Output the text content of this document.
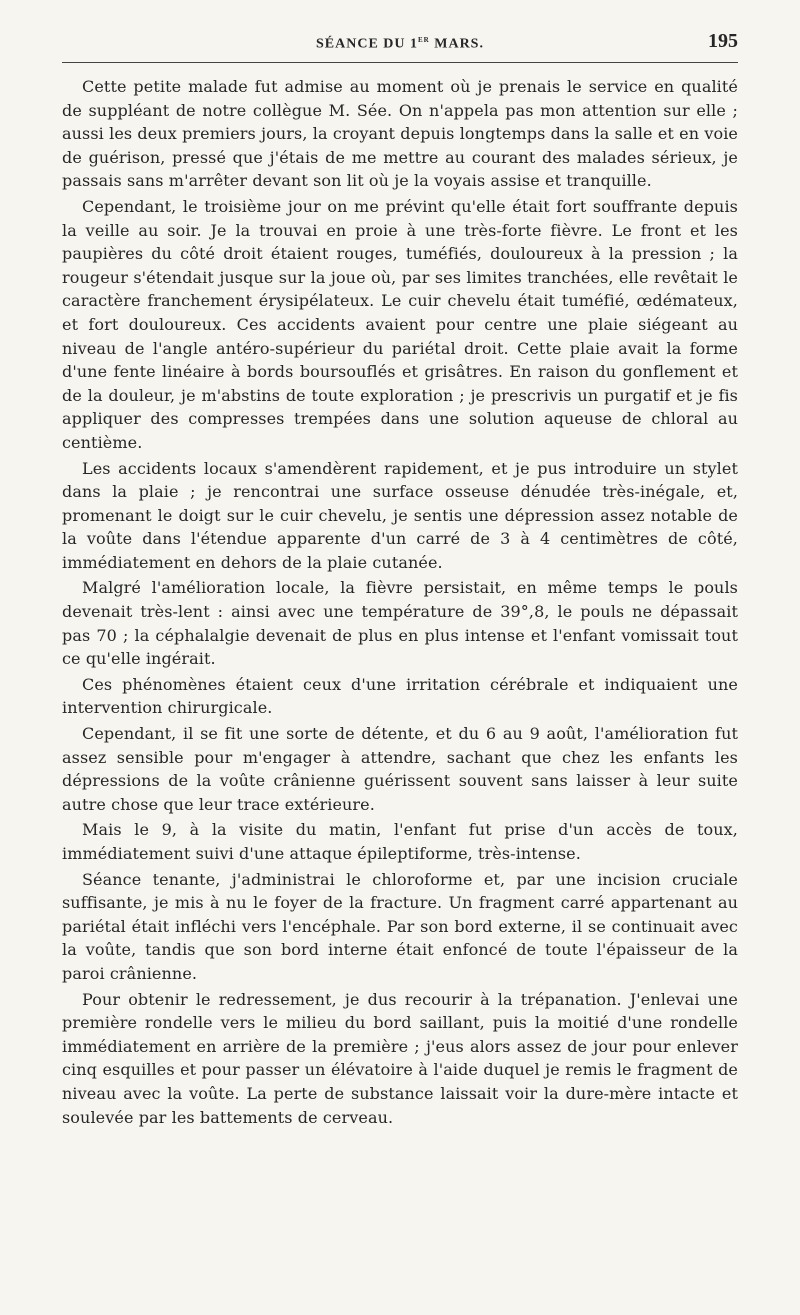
SÉANCE DU 1er MARS.	195

Cette petite malade fut admise au moment où je prenais le service en qualité de suppléant de notre collègue M. Sée. On n'appela pas mon attention sur elle ; aussi les deux premiers jours, la croyant depuis longtemps dans la salle et en voie de guérison, pressé que j'étais de me mettre au courant des malades sérieux, je passais sans m'arrêter devant son lit où je la voyais assise et tranquille.

Cependant, le troisième jour on me prévint qu'elle était fort souffrante depuis la veille au soir. Je la trouvai en proie à une très-forte fièvre. Le front et les paupières du côté droit étaient rouges, tuméfiés, douloureux à la pression ; la rougeur s'étendait jusque sur la joue où, par ses limites tranchées, elle revêtait le caractère franchement érysipélateux. Le cuir chevelu était tuméfié, œdémateux, et fort douloureux. Ces accidents avaient pour centre une plaie siégeant au niveau de l'angle antéro-supérieur du pariétal droit. Cette plaie avait la forme d'une fente linéaire à bords boursouflés et grisâtres. En raison du gonflement et de la douleur, je m'abstins de toute exploration ; je prescrivis un purgatif et je fis appliquer des compresses trempées dans une solution aqueuse de chloral au centième.

Les accidents locaux s'amendèrent rapidement, et je pus introduire un stylet dans la plaie ; je rencontrai une surface osseuse dénudée très-inégale, et, promenant le doigt sur le cuir chevelu, je sentis une dépression assez notable de la voûte dans l'étendue apparente d'un carré de 3 à 4 centimètres de côté, immédiatement en dehors de la plaie cutanée.

Malgré l'amélioration locale, la fièvre persistait, en même temps le pouls devenait très-lent : ainsi avec une température de 39°,8, le pouls ne dépassait pas 70 ; la céphalalgie devenait de plus en plus intense et l'enfant vomissait tout ce qu'elle ingérait.

Ces phénomènes étaient ceux d'une irritation cérébrale et indiquaient une intervention chirurgicale.

Cependant, il se fit une sorte de détente, et du 6 au 9 août, l'amélioration fut assez sensible pour m'engager à attendre, sachant que chez les enfants les dépressions de la voûte crânienne guérissent souvent sans laisser à leur suite autre chose que leur trace extérieure.

Mais le 9, à la visite du matin, l'enfant fut prise d'un accès de toux, immédiatement suivi d'une attaque épileptiforme, très-intense.

Séance tenante, j'administrai le chloroforme et, par une incision cruciale suffisante, je mis à nu le foyer de la fracture. Un fragment carré appartenant au pariétal était infléchi vers l'encéphale. Par son bord externe, il se continuait avec la voûte, tandis que son bord interne était enfoncé de toute l'épaisseur de la paroi crânienne.

Pour obtenir le redressement, je dus recourir à la trépanation. J'enlevai une première rondelle vers le milieu du bord saillant, puis la moitié d'une rondelle immédiatement en arrière de la première ; j'eus alors assez de jour pour enlever cinq esquilles et pour passer un élévatoire à l'aide duquel je remis le fragment de niveau avec la voûte. La perte de substance laissait voir la dure-mère intacte et soulevée par les battements de cerveau.
